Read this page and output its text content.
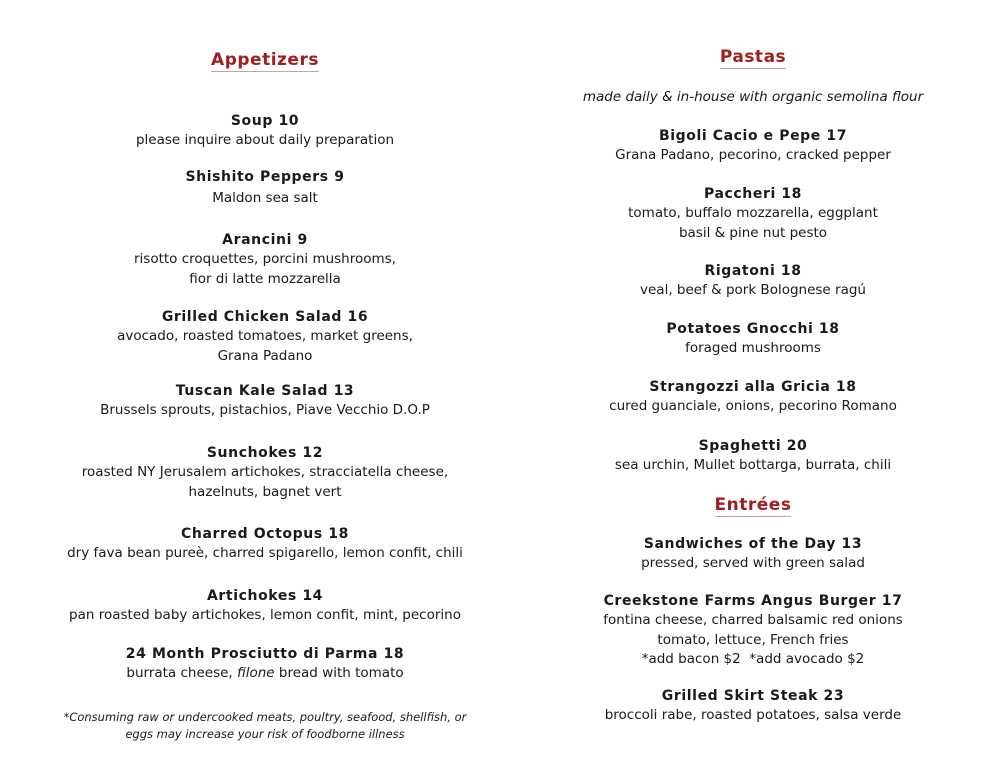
Appetizers
Soup 10
please inquire about daily preparation
Shishito Peppers 9
Maldon sea salt
Arancini 9
risotto croquettes, porcini mushrooms,
fior di latte mozzarella
Grilled Chicken Salad 16
avocado, roasted tomatoes, market greens,
Grana Padano
Tuscan Kale Salad 13
Brussels sprouts, pistachios, Piave Vecchio D.O.P
Sunchokes 12
roasted NY Jerusalem artichokes, stracciatella cheese,
hazelnuts, bagnet vert
Charred Octopus 18
dry fava bean pureè, charred spigarello, lemon confit, chili
Artichokes 14
pan roasted baby artichokes, lemon confit, mint, pecorino
24 Month Prosciutto di Parma 18
burrata cheese, filone bread with tomato
*Consuming raw or undercooked meats, poultry, seafood, shellfish, or
eggs may increase your risk of foodborne illness
Pastas
made daily & in-house with organic semolina flour
Bigoli Cacio e Pepe 17
Grana Padano, pecorino, cracked pepper
Paccheri 18
tomato, buffalo mozzarella, eggplant
basil & pine nut pesto
Rigatoni 18
veal, beef & pork Bolognese ragú
Potatoes Gnocchi 18
foraged mushrooms
Strangozzi alla Gricia 18
cured guanciale, onions, pecorino Romano
Spaghetti 20
sea urchin, Mullet bottarga, burrata, chili
Entrées
Sandwiches of the Day 13
pressed, served with green salad
Creekstone Farms Angus Burger 17
fontina cheese, charred balsamic red onions
tomato, lettuce, French fries
*add bacon $2  *add avocado $2
Grilled Skirt Steak 23
broccoli rabe, roasted potatoes, salsa verde
